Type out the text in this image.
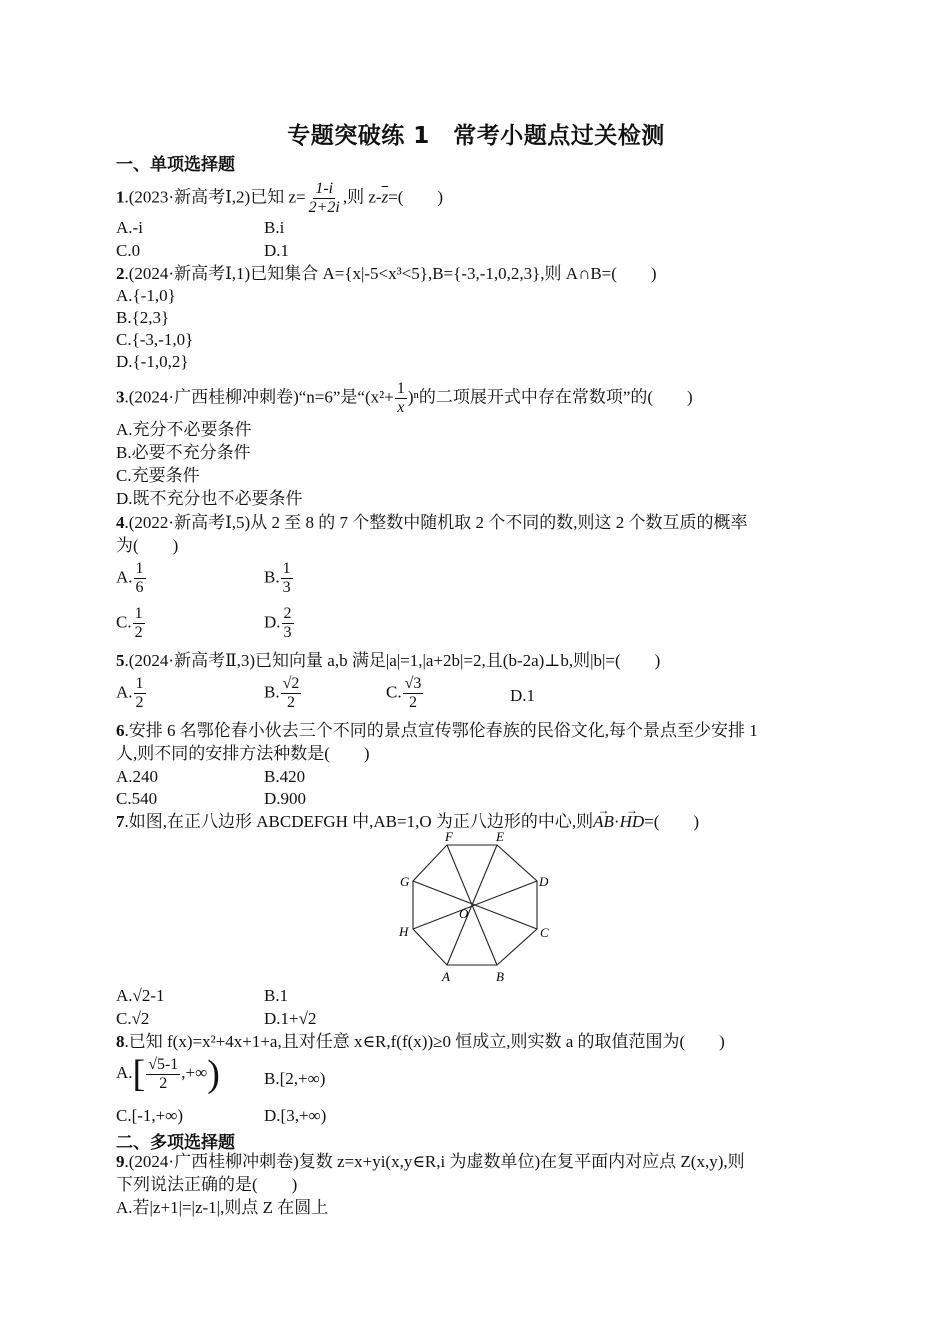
专题突破练 1　常考小题点过关检测
一、单项选择题
1.(2023·新高考Ⅰ,2)已知 $z= \frac{1-i}{2+2i}$ ,则 $z-\overline{z}=$(　　)
A.-i	B.i
C.0	D.1
2.(2024·新高考Ⅰ,1)已知集合 A={x|-5<x³<5},B={-3,-1,0,2,3},则 A∩B=(　　)
A.{-1,0}
B.{2,3}
C.{-3,-1,0}
D.{-1,0,2}
3.(2024·广西桂柳冲刺卷)“n=6”是“$(x^2+ \frac{1}{x} )^n$的二项展开式中存在常数项”的(　　)
A.充分不必要条件
B.必要不充分条件
C.充要条件
D.既不充分也不必要条件
4.(2022·新高考Ⅰ,5)从 2 至 8 的 7 个整数中随机取 2 个不同的数,则这 2 个数互质的概率
为(　　)
A. $\frac{1}{6}$	B. $\frac{1}{3}$
C. $\frac{1}{2}$	D. $\frac{2}{3}$
5.(2024·新高考Ⅱ,3)已知向量 a,b 满足|a|=1,|a+2b|=2,且(b-2a)⊥b,则|b|=(　　)
A. $\frac{1}{2}$	B. $\frac{√2}{2}$	C. $\frac{√3}{2}$	D.1
6.安排 6 名鄂伦春小伙去三个不同的景点宣传鄂伦春族的民俗文化,每个景点至少安排 1
人,则不同的安排方法种数是(　　)
A.240	B.420
C.540	D.900
7.如图,在正八边形 ABCDEFGH 中,AB=1,O 为正八边形的中心,则→ AB·→ HD=(　　)
A.√2-1	B.1
C.√2	D.1+√2
8.已知 f(x)=x²+4x+1+a,且对任意 x∈R,f(f(x))≥0 恒成立,则实数 a 的取值范围为(　　)
$A.[ \frac{√5-1}{2}$ ,+∞)	B.[2,+∞)
C.[-1,+∞)	D.[3,+∞)
二、多项选择题
9.(2024·广西桂柳冲刺卷)复数 z=x+yi(x,y∈R,i 为虚数单位)在复平面内对应点 Z(x,y),则
下列说法正确的是(　　)
A.若|z+1|=|z-1|,则点 Z 在圆上
A	B
C
D
E
F
G
H
O
